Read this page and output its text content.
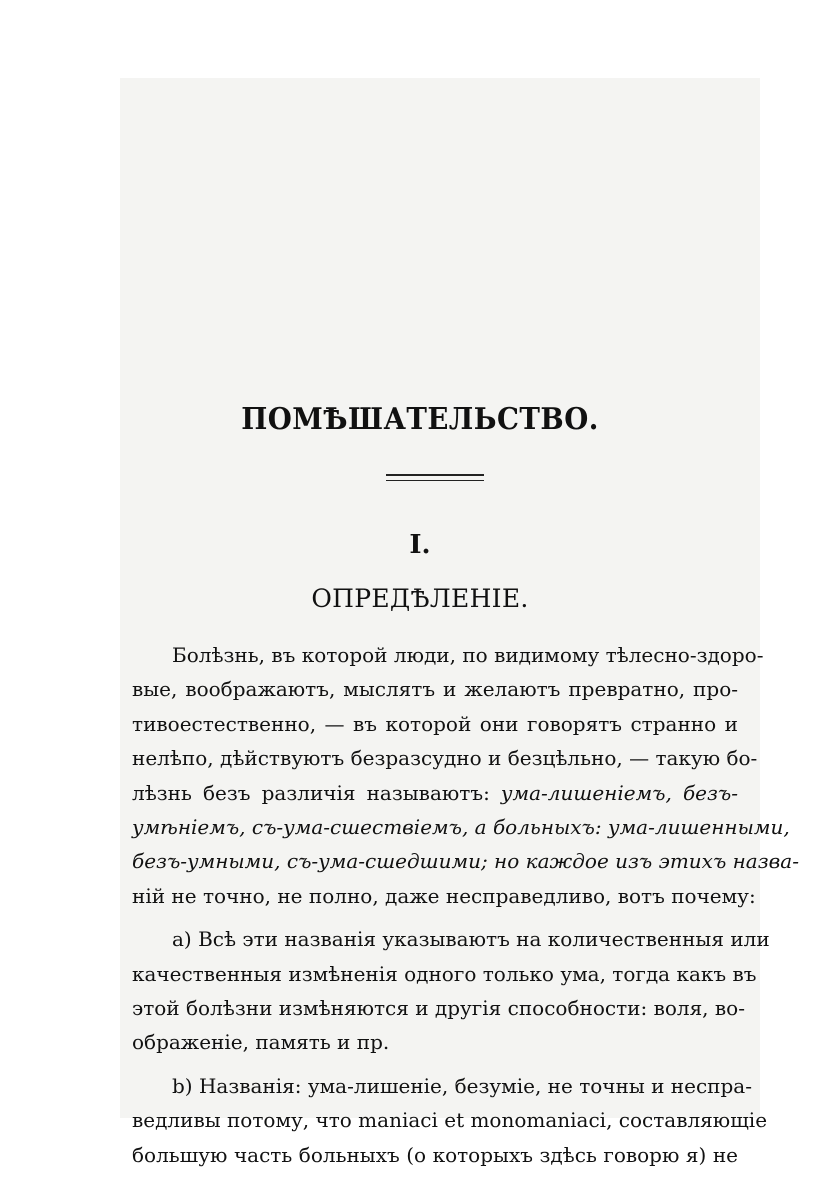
ПОМѢШАТЕЛЬСТВО.
I.
ОПРЕДѢЛЕНІЕ.
Болѣзнь, въ которой люди, по видимому тѣлесно-здоро-
вые, воображаютъ, мыслятъ и желаютъ превратно, про-
тивоестественно, — въ которой они говорятъ странно и
нелѣпо, дѣйствуютъ безразсудно и безцѣльно, — такую бо-
лѣзнь безъ различія называютъ: ума-лишеніемъ, безъ-
умѣніемъ, съ-ума-сшествіемъ, а больныхъ: ума-лишенными,
безъ-умными, съ-ума-сшедшими; но каждое изъ этихъ назва-
ній не точно, не полно, даже несправедливо, вотъ почему:
a) Всѣ эти названія указываютъ на количественныя или
качественныя измѣненія одного только ума, тогда какъ въ
этой болѣзни измѣняются и другія способности: воля, во-
ображеніе, память и пр.
b) Названія: ума-лишеніе, безуміе, не точны и неспра-
ведливы потому, что maniaci et monomaniaci, составляющіе
большую часть больныхъ (о которыхъ здѣсь говорю я) не
